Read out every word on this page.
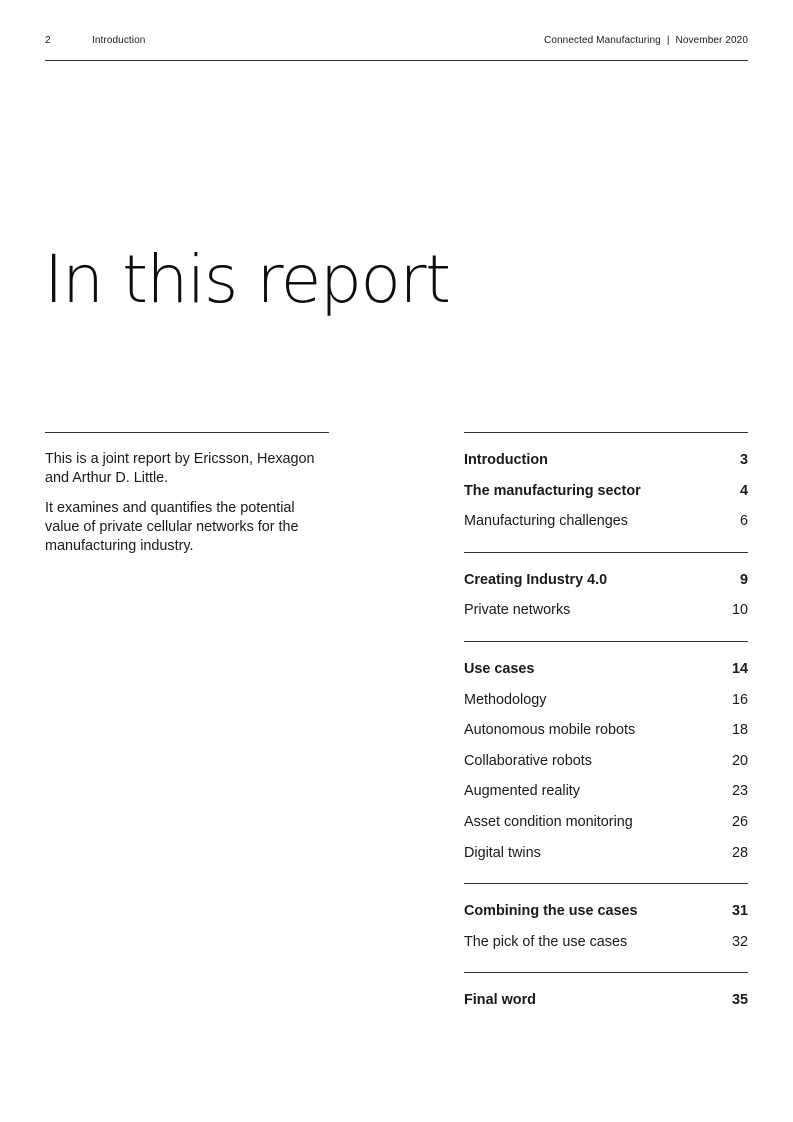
2	Introduction	Connected Manufacturing | November 2020
In this report

This is a joint report by Ericsson, Hexagon and Arthur D. Little.

It examines and quantifies the potential value of private cellular networks for the manufacturing industry.

Introduction	3
The manufacturing sector	4
Manufacturing challenges	6
Creating Industry 4.0	9
Private networks	10
Use cases	14
Methodology	16
Autonomous mobile robots	18
Collaborative robots	20
Augmented reality	23
Asset condition monitoring	26
Digital twins	28
Combining the use cases	31
The pick of the use cases	32
Final word	35
